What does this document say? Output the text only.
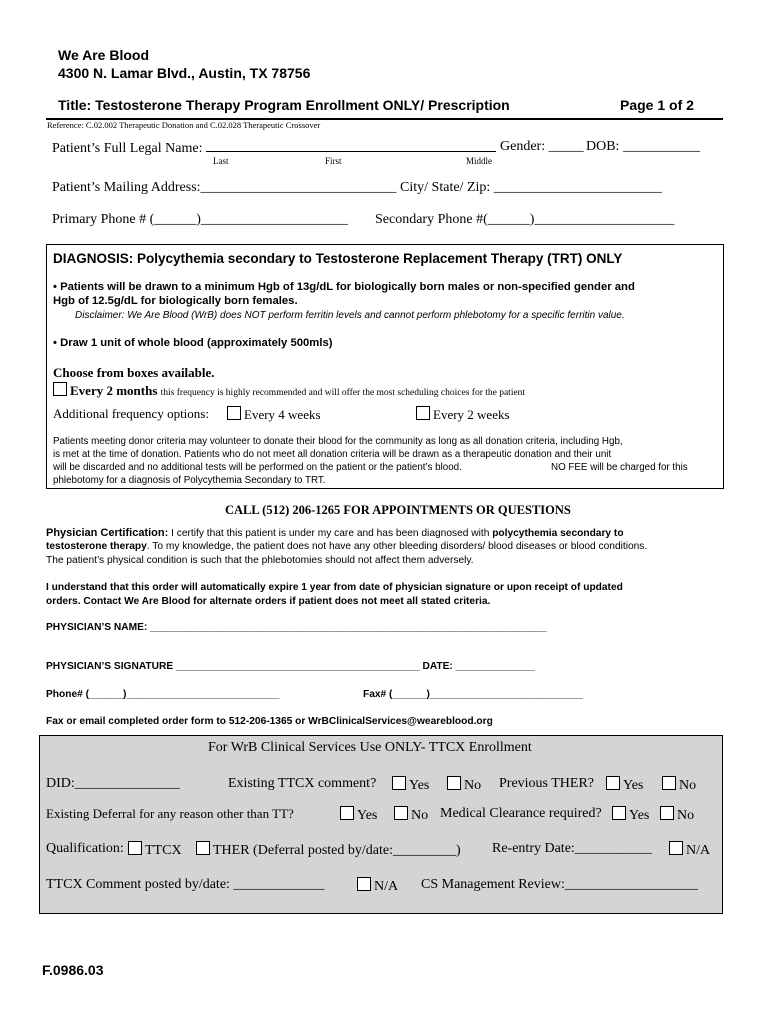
We Are Blood
4300 N. Lamar Blvd., Austin, TX 78756
Title: Testosterone Therapy Program Enrollment ONLY/ Prescription	Page 1 of 2
Reference: C.02.002 Therapeutic Donation and C.02.028 Therapeutic Crossover
Patient’s Full Legal Name:	Gender: _____ DOB: ___________
Last	First	Middle
Patient’s Mailing Address:____________________________ City/ State/ Zip: ________________________
Primary Phone # (______)_____________________ Secondary Phone #(______)____________________
DIAGNOSIS: Polycythemia secondary to Testosterone Replacement Therapy (TRT) ONLY
• Patients will be drawn to a minimum Hgb of 13g/dL for biologically born males or non-specified gender and
Hgb of 12.5g/dL for biologically born females.
Disclaimer: We Are Blood (WrB) does NOT perform ferritin levels and cannot perform phlebotomy for a specific ferritin value.
• Draw 1 unit of whole blood (approximately 500mls)
Choose from boxes available.
Every 2 months this frequency is highly recommended and will offer the most scheduling choices for the patient
Additional frequency options:	Every 4 weeks	Every 2 weeks
Patients meeting donor criteria may volunteer to donate their blood for the community as long as all donation criteria, including Hgb,
is met at the time of donation. Patients who do not meet all donation criteria will be drawn as a therapeutic donation and their unit
will be discarded and no additional tests will be performed on the patient or the patient’s blood.	NO FEE will be charged for this
phlebotomy for a diagnosis of Polycythemia Secondary to TRT.
CALL (512) 206-1265 FOR APPOINTMENTS OR QUESTIONS
Physician Certification: I certify that this patient is under my care and has been diagnosed with polycythemia secondary to
testosterone therapy. To my knowledge, the patient does not have any other bleeding disorders/ blood diseases or blood conditions.
The patient’s physical condition is such that the phlebotomies should not affect them adversely.
I understand that this order will automatically expire 1 year from date of physician signature or upon receipt of updated
orders. Contact We Are Blood for alternate orders if patient does not meet all stated criteria.
PHYSICIAN’S NAME: ______________________________________________________________________
PHYSICIAN’S SIGNATURE ___________________________________________ DATE: ______________
Phone# (______)___________________________	Fax# (______)___________________________
Fax or email completed order form to 512-206-1365 or WrBClinicalServices@weareblood.org
For WrB Clinical Services Use ONLY- TTCX Enrollment
DID:_______________	Existing TTCX comment?	Yes	No Previous THER?	Yes	No
Existing Deferral for any reason other than TT?	Yes	No Medical Clearance required?	Yes	No
Qualification:	TTCX	THER (Deferral posted by/date:_________) Re-entry Date:___________	N/A
TTCX Comment posted by/date: _____________	N/A CS Management Review:___________________
F.0986.03
